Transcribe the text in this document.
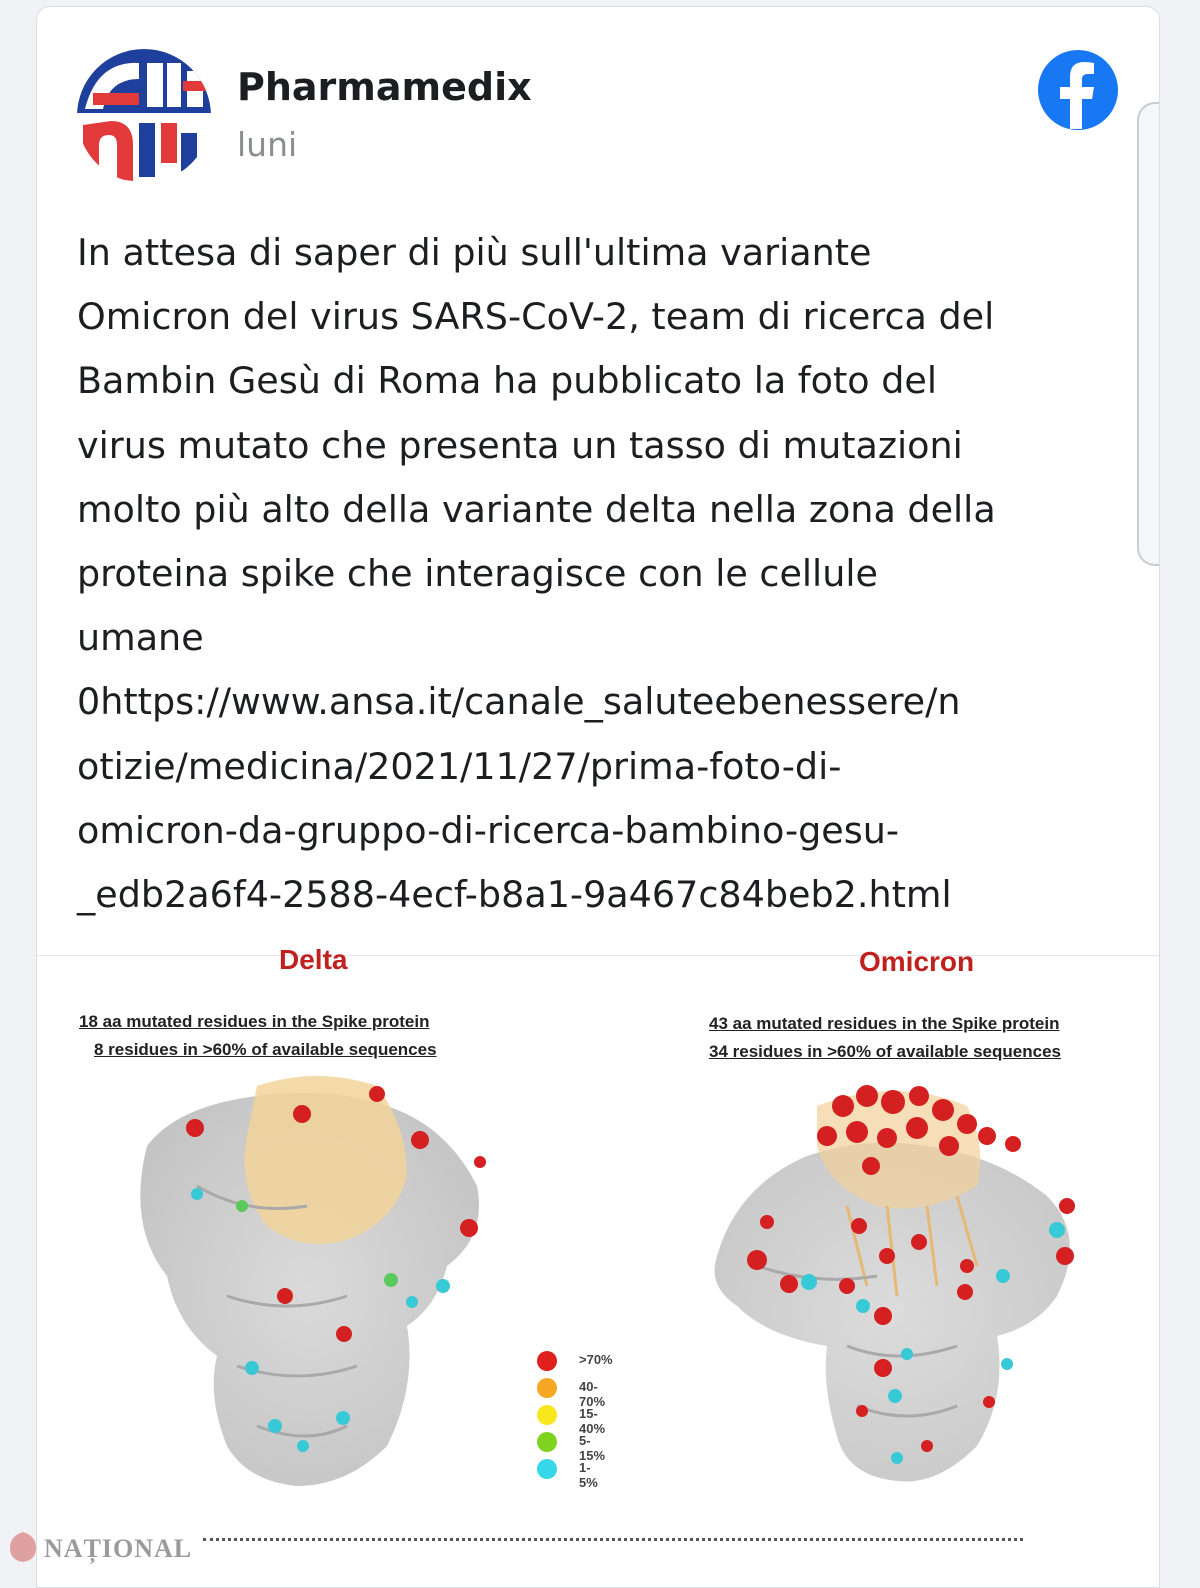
Pharmamedix
luni
In attesa di saper di più sull'ultima variante
Omicron del virus SARS-CoV-2, team di ricerca del
Bambin Gesù di Roma ha pubblicato la foto del
virus mutato che presenta un tasso di mutazioni
molto più alto della variante delta nella zona della
proteina spike che interagisce con le cellule
umane
0https://www.ansa.it/canale_saluteebenessere/n
otizie/medicina/2021/11/27/prima-foto-di-
omicron-da-gruppo-di-ricerca-bambino-gesu-
_edb2a6f4-2588-4ecf-b8a1-9a467c84beb2.html
Delta	Omicron
18 aa mutated residues in the Spike protein
8 residues in >60% of available sequences
43 aa mutated residues in the Spike protein
34 residues in >60% of available sequences
>70%
40-70%
15-40%
5-15%
1-5%
NAȚIONAL
